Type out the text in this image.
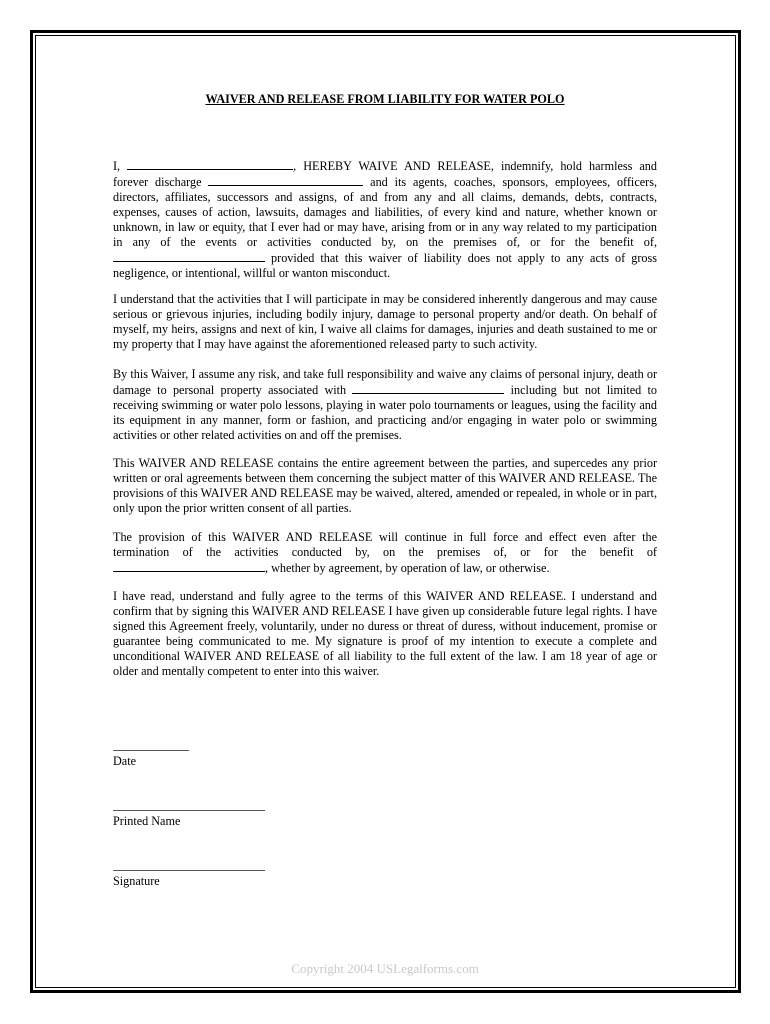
WAIVER AND RELEASE FROM LIABILITY FOR WATER POLO

I,	, HEREBY WAIVE AND RELEASE, indemnify, hold harmless and forever discharge	and its agents, coaches, sponsors, employees, officers, directors, affiliates, successors and assigns, of and from any and all claims, demands, debts, contracts, expenses, causes of action, lawsuits, damages and liabilities, of every kind and nature, whether known or unknown, in law or equity, that I ever had or may have, arising from or in any way related to my participation in any of the events or activities conducted by, on the premises of, or for the benefit of,  provided that this waiver of liability does not apply to any acts of gross negligence, or intentional, willful or wanton misconduct.

I understand that the activities that I will participate in may be considered inherently dangerous and may cause serious or grievous injuries, including bodily injury, damage to personal property and/or death. On behalf of myself, my heirs, assigns and next of kin, I waive all claims for damages, injuries and death sustained to me or my property that I may have against the aforementioned released party to such activity.

By this Waiver, I assume any risk, and take full responsibility and waive any claims of personal injury, death or damage to personal property associated with	including but not limited to receiving swimming or water polo lessons, playing in water polo tournaments or leagues, using the facility and its equipment in any manner, form or fashion, and practicing and/or engaging in water polo or swimming activities or other related activities on and off the premises.

This WAIVER AND RELEASE contains the entire agreement between the parties, and supercedes any prior written or oral agreements between them concerning the subject matter of this WAIVER AND RELEASE. The provisions of this WAIVER AND RELEASE may be waived, altered, amended or repealed, in whole or in part, only upon the prior written consent of all parties.

The provision of this WAIVER AND RELEASE will continue in full force and effect even after the termination of the activities conducted by, on the premises of, or for the benefit of , whether by agreement, by operation of law, or otherwise.

I have read, understand and fully agree to the terms of this WAIVER AND RELEASE. I understand and confirm that by signing this WAIVER AND RELEASE I have given up considerable future legal rights. I have signed this Agreement freely, voluntarily, under no duress or threat of duress, without inducement, promise or guarantee being communicated to me. My signature is proof of my intention to execute a complete and unconditional WAIVER AND RELEASE of all liability to the full extent of the law. I am 18 year of age or older and mentally competent to enter into this waiver.

Date
Printed Name
Signature
Copyright 2004 USLegalforms.com
